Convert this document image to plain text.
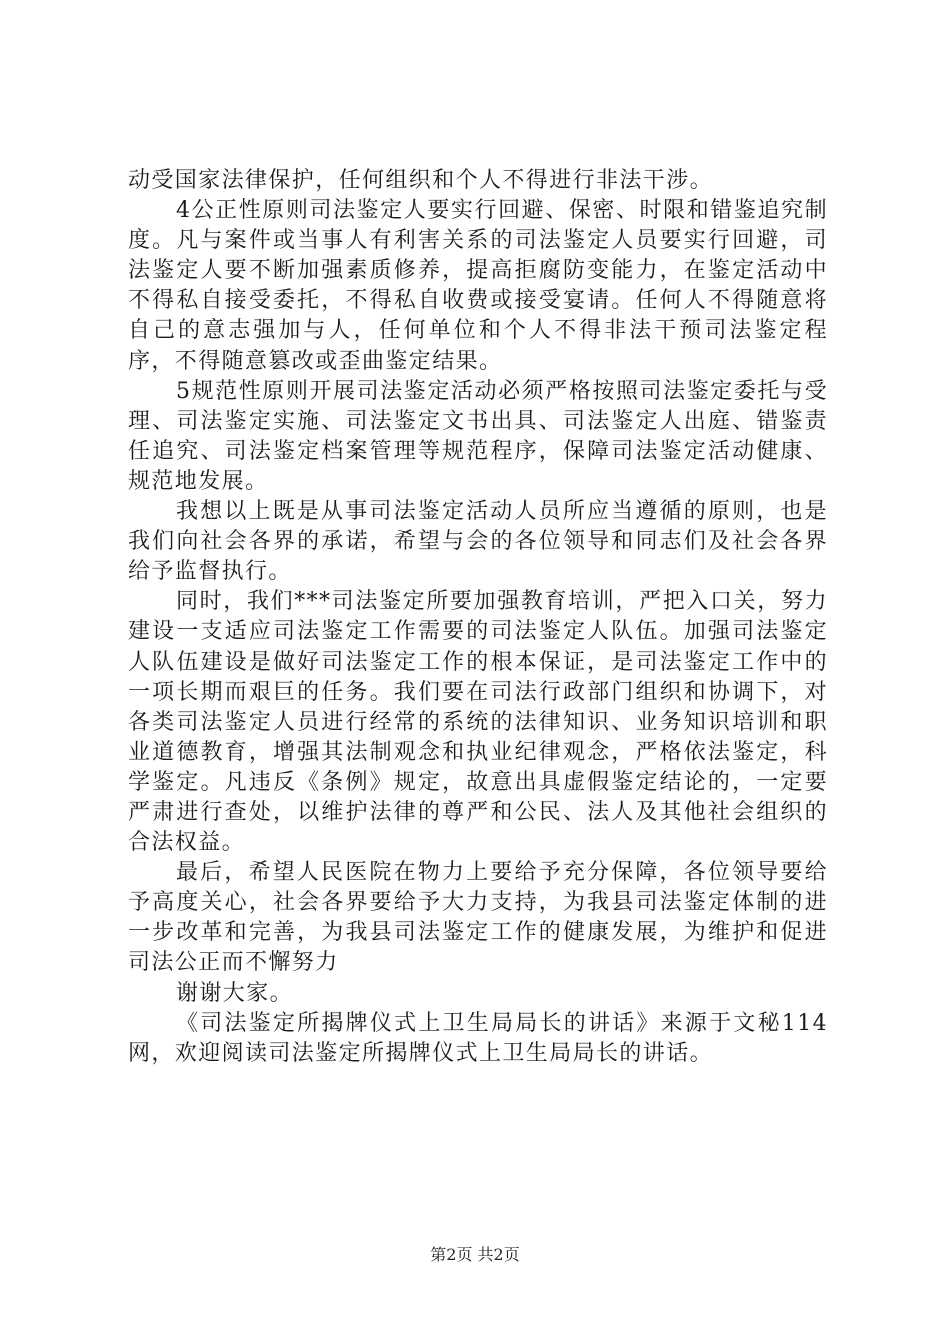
动受国家法律保护，任何组织和个人不得进行非法干涉。

4公正性原则司法鉴定人要实行回避、保密、时限和错鉴追究制度。凡与案件或当事人有利害关系的司法鉴定人员要实行回避，司法鉴定人要不断加强素质修养，提高拒腐防变能力，在鉴定活动中不得私自接受委托，不得私自收费或接受宴请。任何人不得随意将自己的意志强加与人，任何单位和个人不得非法干预司法鉴定程序，不得随意篡改或歪曲鉴定结果。

5规范性原则开展司法鉴定活动必须严格按照司法鉴定委托与受理、司法鉴定实施、司法鉴定文书出具、司法鉴定人出庭、错鉴责任追究、司法鉴定档案管理等规范程序，保障司法鉴定活动健康、规范地发展。

我想以上既是从事司法鉴定活动人员所应当遵循的原则，也是我们向社会各界的承诺，希望与会的各位领导和同志们及社会各界给予监督执行。

同时，我们***司法鉴定所要加强教育培训，严把入口关，努力建设一支适应司法鉴定工作需要的司法鉴定人队伍。加强司法鉴定人队伍建设是做好司法鉴定工作的根本保证，是司法鉴定工作中的一项长期而艰巨的任务。我们要在司法行政部门组织和协调下，对各类司法鉴定人员进行经常的系统的法律知识、业务知识培训和职业道德教育，增强其法制观念和执业纪律观念，严格依法鉴定，科学鉴定。凡违反《条例》规定，故意出具虚假鉴定结论的，一定要严肃进行查处，以维护法律的尊严和公民、法人及其他社会组织的合法权益。

最后，希望人民医院在物力上要给予充分保障，各位领导要给予高度关心，社会各界要给予大力支持，为我县司法鉴定体制的进一步改革和完善，为我县司法鉴定工作的健康发展，为维护和促进司法公正而不懈努力

谢谢大家。

《司法鉴定所揭牌仪式上卫生局局长的讲话》来源于文秘114网，欢迎阅读司法鉴定所揭牌仪式上卫生局局长的讲话。

第2页 共2页
